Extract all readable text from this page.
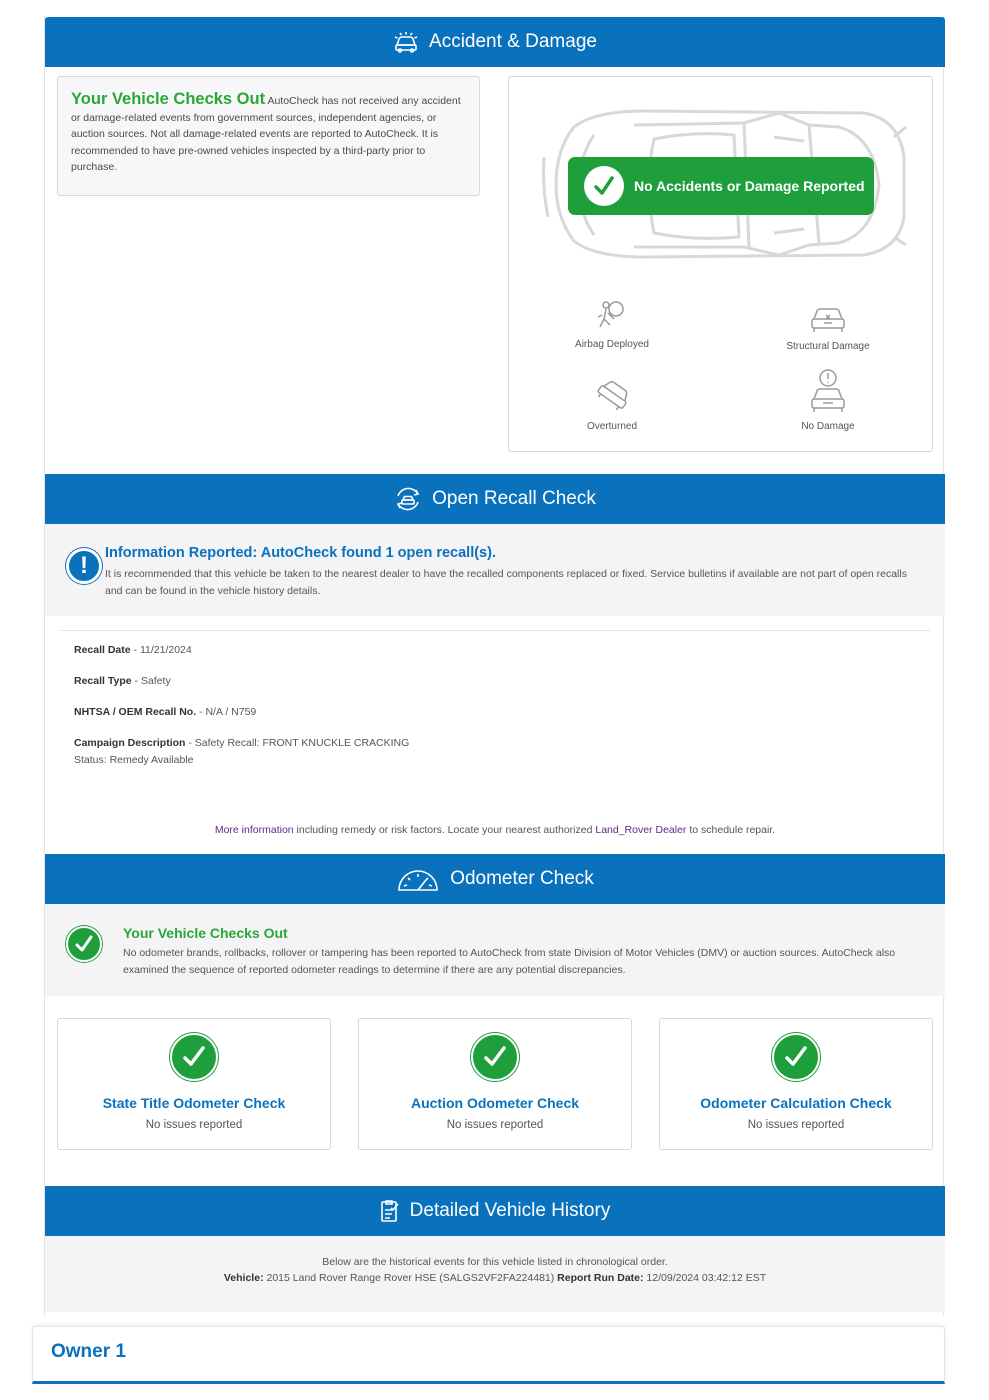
Accident & Damage
Your Vehicle Checks Out AutoCheck has not received any accident or damage-related events from government sources, independent agencies, or auction sources. Not all damage-related events are reported to AutoCheck. It is recommended to have pre-owned vehicles inspected by a third-party prior to purchase.
No Accidents or Damage Reported
Airbag Deployed	Structural Damage
Overturned	No Damage
Open Recall Check
!	Information Reported: AutoCheck found 1 open recall(s).
It is recommended that this vehicle be taken to the nearest dealer to have the recalled components replaced or fixed. Service bulletins if available are not part of open recalls and can be found in the vehicle history details.
Recall Date - 11/21/2024
Recall Type - Safety
NHTSA / OEM Recall No. - N/A / N759
Campaign Description - Safety Recall: FRONT KNUCKLE CRACKING
Status: Remedy Available
More information including remedy or risk factors. Locate your nearest authorized Land_Rover Dealer to schedule repair.
Odometer Check
Your Vehicle Checks Out
No odometer brands, rollbacks, rollover or tampering has been reported to AutoCheck from state Division of Motor Vehicles (DMV) or auction sources. AutoCheck also examined the sequence of reported odometer readings to determine if there are any potential discrepancies.
State Title Odometer Check
No issues reported
Auction Odometer Check
No issues reported
Odometer Calculation Check
No issues reported
Detailed Vehicle History
Below are the historical events for this vehicle listed in chronological order.
Vehicle: 2015 Land Rover Range Rover HSE (SALGS2VF2FA224481) Report Run Date: 12/09/2024 03:42:12 EST
Owner 1
